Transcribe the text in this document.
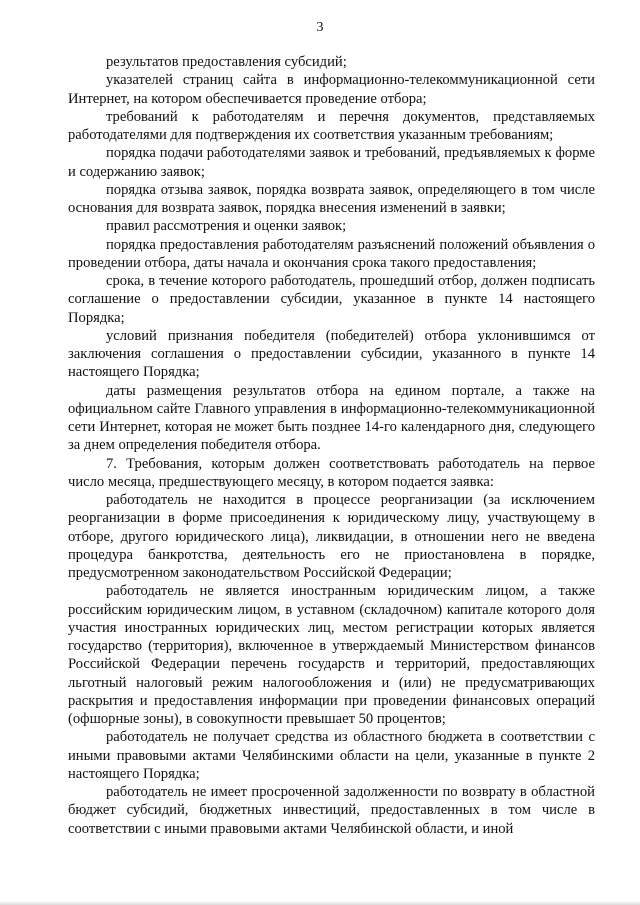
3

результатов предоставления субсидий;

указателей страниц сайта в информационно-телекоммуникационной сети Интернет, на котором обеспечивается проведение отбора;

требований к работодателям и перечня документов, представляемых работодателями для подтверждения их соответствия указанным требованиям;

порядка подачи работодателями заявок и требований, предъявляемых к форме и содержанию заявок;

порядка отзыва заявок, порядка возврата заявок, определяющего в том числе основания для возврата заявок, порядка внесения изменений в заявки;

правил рассмотрения и оценки заявок;

порядка предоставления работодателям разъяснений положений объявления о проведении отбора, даты начала и окончания срока такого предоставления;

срока, в течение которого работодатель, прошедший отбор, должен подписать соглашение о предоставлении субсидии, указанное в пункте 14 настоящего Порядка;

условий признания победителя (победителей) отбора уклонившимся от заключения соглашения о предоставлении субсидии, указанного в пункте 14 настоящего Порядка;

даты размещения результатов отбора на едином портале, а также на официальном сайте Главного управления в информационно-телекоммуникационной сети Интернет, которая не может быть позднее 14-го календарного дня, следующего за днем определения победителя отбора.

7. Требования, которым должен соответствовать работодатель на первое число месяца, предшествующего месяцу, в котором подается заявка:

работодатель не находится в процессе реорганизации (за исключением реорганизации в форме присоединения к юридическому лицу, участвующему в отборе, другого юридического лица), ликвидации, в отношении него не введена процедура банкротства, деятельность его не приостановлена в порядке, предусмотренном законодательством Российской Федерации;

работодатель не является иностранным юридическим лицом, а также российским юридическим лицом, в уставном (складочном) капитале которого доля участия иностранных юридических лиц, местом регистрации которых является государство (территория), включенное в утверждаемый Министерством финансов Российской Федерации перечень государств и территорий, предоставляющих льготный налоговый режим налогообложения и (или) не предусматривающих раскрытия и предоставления информации при проведении финансовых операций (офшорные зоны), в совокупности превышает 50 процентов;

работодатель не получает средства из областного бюджета в соответствии с иными правовыми актами Челябинскими области на цели, указанные в пункте 2 настоящего Порядка;

работодатель не имеет просроченной задолженности по возврату в областной бюджет субсидий, бюджетных инвестиций, предоставленных в том числе в соответствии с иными правовыми актами Челябинской области, и иной
